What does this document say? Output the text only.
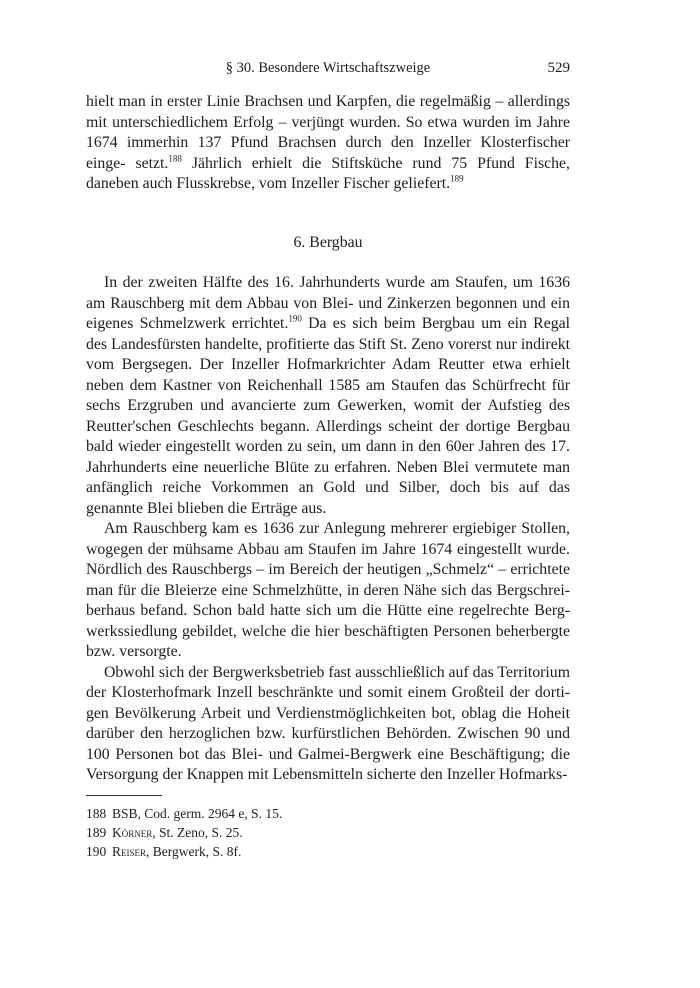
§ 30. Besondere Wirtschaftszweige	529

hielt man in erster Linie Brachsen und Karpfen, die regelmäßig – allerdings mit unterschiedlichem Erfolg – verjüngt wurden. So etwa wurden im Jahre 1674 immerhin 137 Pfund Brachsen durch den Inzeller Klosterfischer einge- setzt.$^{188}$ Jährlich erhielt die Stiftsküche rund 75 Pfund Fische, daneben auch Flusskrebse, vom Inzeller Fischer geliefert.$^{189}$

6. Bergbau

In der zweiten Hälfte des 16. Jahrhunderts wurde am Staufen, um 1636 am Rauschberg mit dem Abbau von Blei- und Zinkerzen begonnen und ein eigenes Schmelzwerk errichtet.$^{190}$ Da es sich beim Bergbau um ein Regal des Landesfürsten handelte, profitierte das Stift St. Zeno vorerst nur indirekt vom Bergsegen. Der Inzeller Hofmarkrichter Adam Reutter etwa erhielt neben dem Kastner von Reichenhall 1585 am Staufen das Schürfrecht für sechs Erzgruben und avancierte zum Gewerken, womit der Aufstieg des Reutter'schen Geschlechts begann. Allerdings scheint der dortige Bergbau bald wieder eingestellt worden zu sein, um dann in den 60er Jahren des 17. Jahrhunderts eine neuerliche Blüte zu erfahren. Neben Blei vermutete man anfänglich reiche Vorkommen an Gold und Silber, doch bis auf das genannte Blei blieben die Erträge aus.

Am Rauschberg kam es 1636 zur Anlegung mehrerer ergiebiger Stollen, wogegen der mühsame Abbau am Staufen im Jahre 1674 eingestellt wurde. Nördlich des Rauschbergs – im Bereich der heutigen „Schmelz“ – errichtete man für die Bleierze eine Schmelzhütte, in deren Nähe sich das Bergschrei- berhaus befand. Schon bald hatte sich um die Hütte eine regelrechte Berg- werkssiedlung gebildet, welche die hier beschäftigten Personen beherbergte bzw. versorgte.

Obwohl sich der Bergwerksbetrieb fast ausschließlich auf das Territorium der Klosterhofmark Inzell beschränkte und somit einem Großteil der dorti- gen Bevölkerung Arbeit und Verdienstmöglichkeiten bot, oblag die Hoheit darüber den herzoglichen bzw. kurfürstlichen Behörden. Zwischen 90 und 100 Personen bot das Blei- und Galmei-Bergwerk eine Beschäftigung; die Versorgung der Knappen mit Lebensmitteln sicherte den Inzeller Hofmarks-

188 BSB, Cod. germ. 2964 e, S. 15.
189 Körner, St. Zeno, S. 25.
190 Reiser, Bergwerk, S. 8f.
